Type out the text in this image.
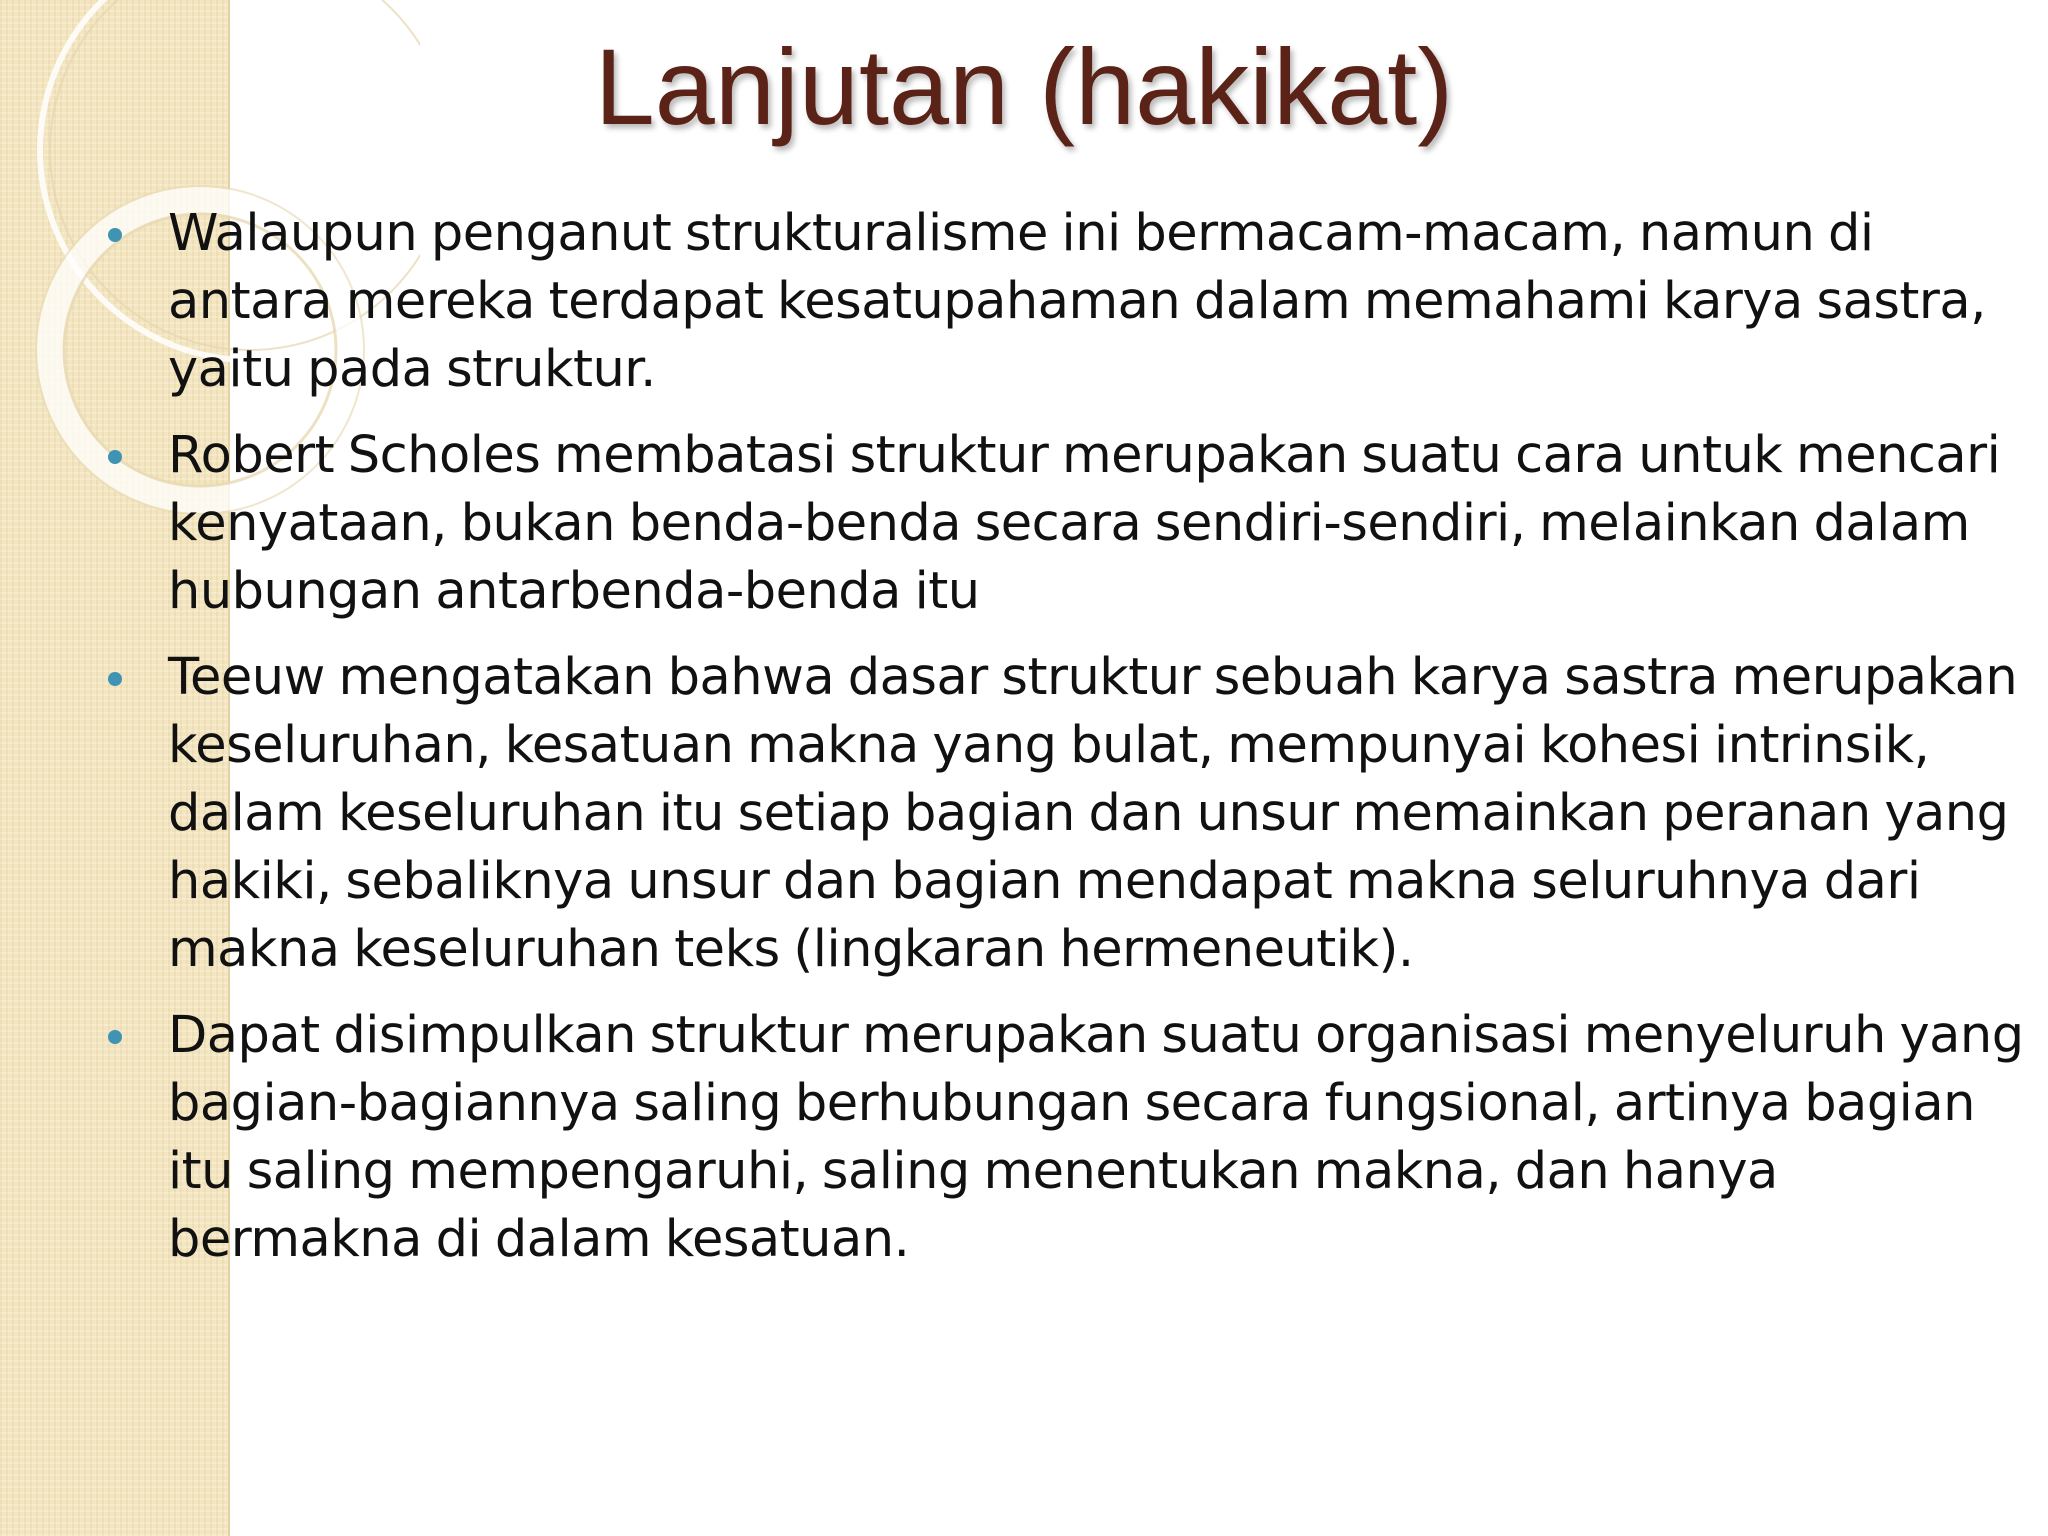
Lanjutan (hakikat)
Walaupun penganut strukturalisme ini bermacam-macam, namun di antara mereka terdapat kesatupahaman dalam memahami karya sastra, yaitu pada struktur.
Robert Scholes membatasi struktur merupakan suatu cara untuk mencari kenyataan, bukan benda-benda secara sendiri-sendiri, melainkan dalam hubungan antarbenda-benda itu
Teeuw mengatakan bahwa dasar struktur sebuah karya sastra merupakan keseluruhan, kesatuan makna yang bulat, mempunyai kohesi intrinsik, dalam keseluruhan itu setiap bagian dan unsur memainkan peranan yang hakiki, sebaliknya unsur dan bagian mendapat makna seluruhnya dari makna keseluruhan teks (lingkaran hermeneutik).
Dapat disimpulkan struktur merupakan suatu organisasi menyeluruh yang bagian-bagiannya saling berhubungan secara fungsional, artinya bagian itu saling mempengaruhi, saling menentukan makna, dan hanya bermakna di dalam kesatuan.
